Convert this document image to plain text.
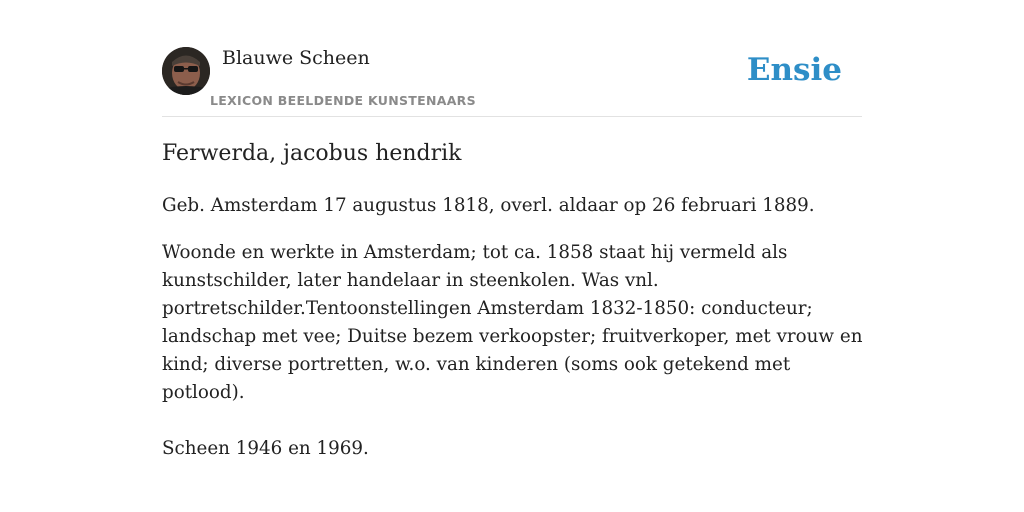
Blauwe Scheen
LEXICON BEELDENDE KUNSTENAARS
Ensie
Ferwerda, jacobus hendrik

Geb. Amsterdam 17 augustus 1818, overl. aldaar op 26 februari 1889.

Woonde en werkte in Amsterdam; tot ca. 1858 staat hij vermeld als kunstschilder, later handelaar in steenkolen. Was vnl. portretschilder.Tentoonstellingen Amsterdam 1832-1850: conducteur; landschap met vee; Duitse bezem verkoopster; fruitverkoper, met vrouw en kind; diverse portretten, w.o. van kinderen (soms ook getekend met potlood).

Scheen 1946 en 1969.
